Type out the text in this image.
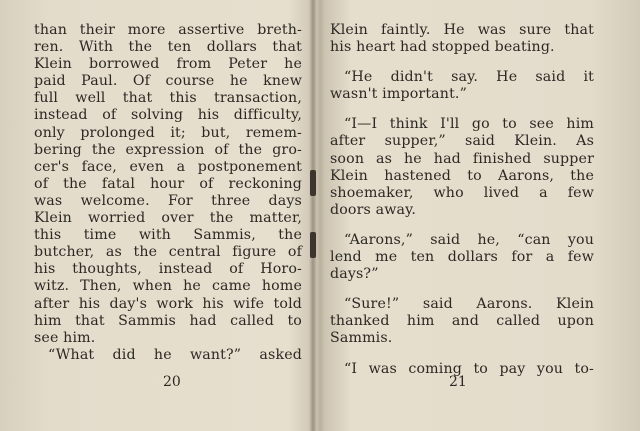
than their more assertive breth-
ren. With the ten dollars that
Klein borrowed from Peter he
paid Paul. Of course he knew
full well that this transaction,
instead of solving his difficulty,
only prolonged it; but, remem-
bering the expression of the gro-
cer's face, even a postponement
of the fatal hour of reckoning
was welcome. For three days
Klein worried over the matter,
this time with Sammis, the
butcher, as the central figure of
his thoughts, instead of Horo-
witz. Then, when he came home
after his day's work his wife told
him that Sammis had called to
see him.
“What did he want?” asked
20
Klein faintly. He was sure that
his heart had stopped beating.
“He didn't say. He said it
wasn't important.”
“I—I think I'll go to see him
after supper,” said Klein. As
soon as he had finished supper
Klein hastened to Aarons, the
shoemaker, who lived a few
doors away.
“Aarons,” said he, “can you
lend me ten dollars for a few
days?”
“Sure!” said Aarons. Klein
thanked him and called upon
Sammis.
“I was coming to pay you to-
21
